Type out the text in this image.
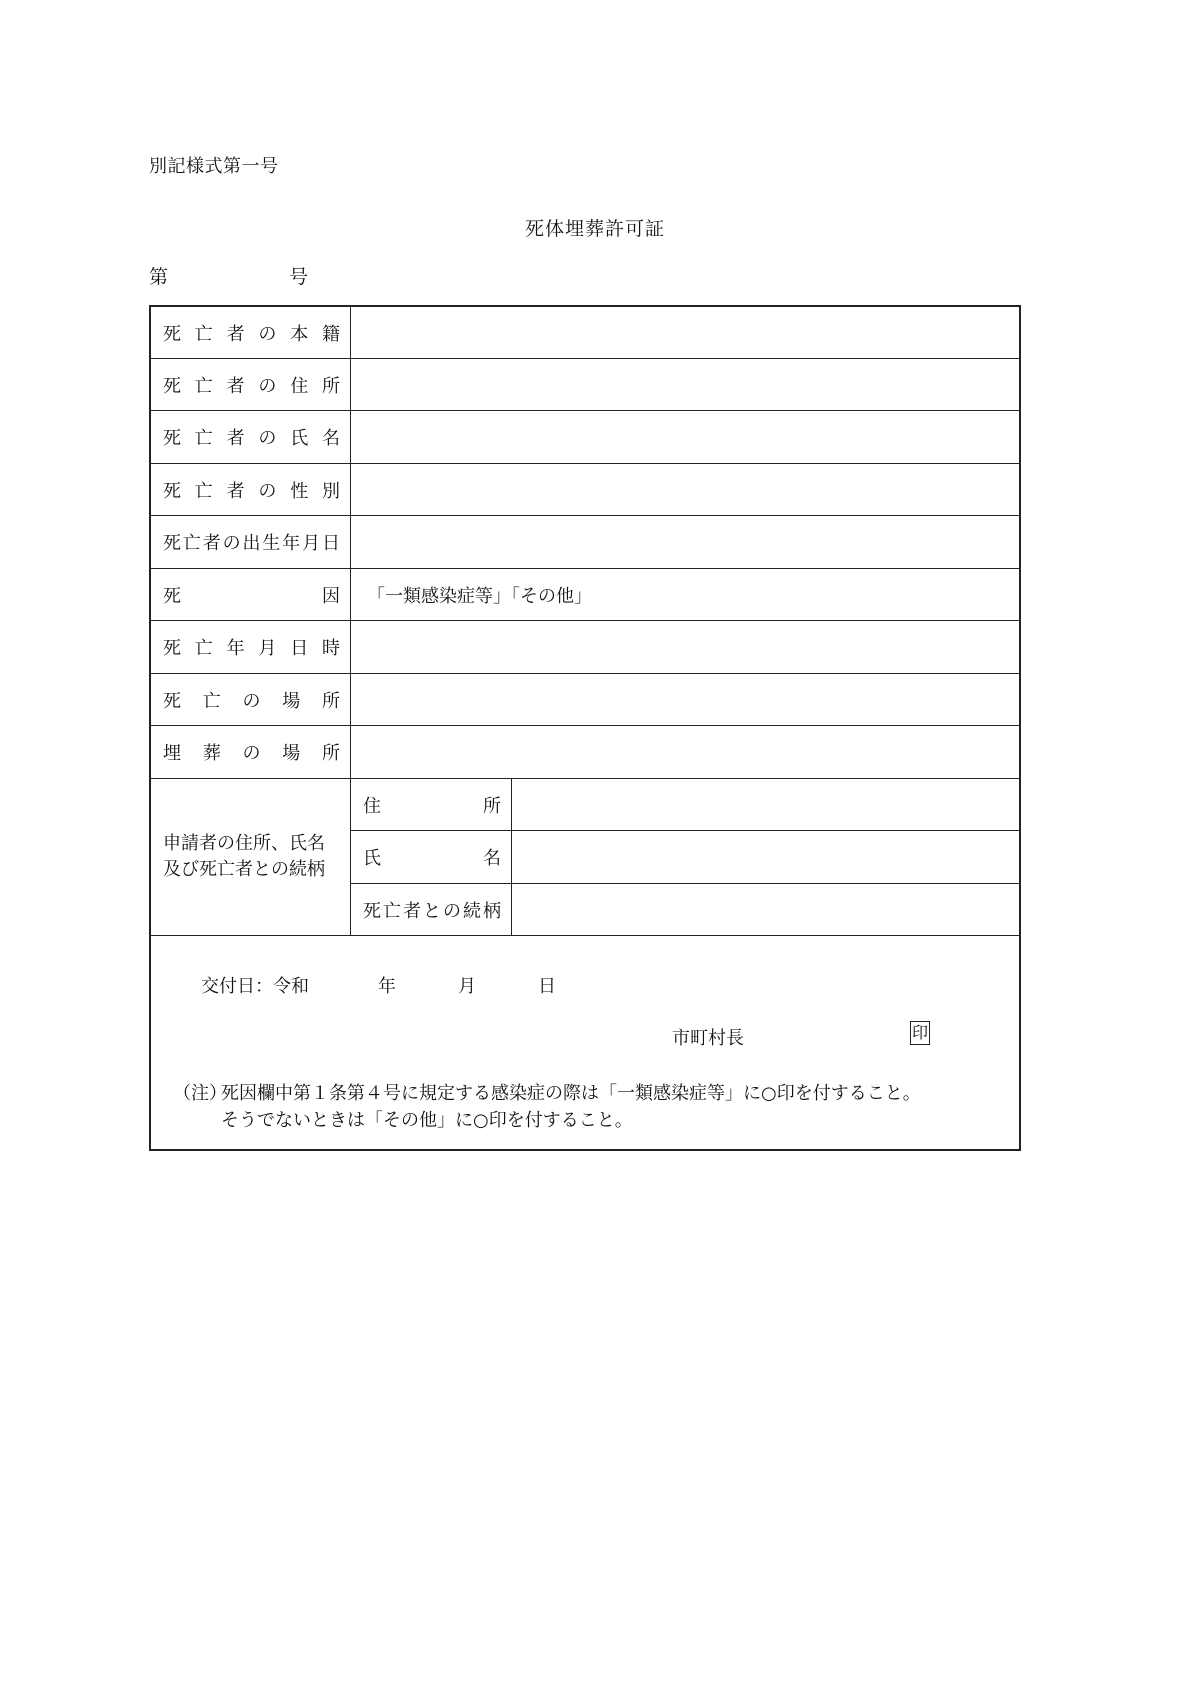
別記様式第一号
死体埋葬許可証
第	号
死亡者の本籍
死亡者の住所
死亡者の氏名
死亡者の性別
死亡者の出生年月日
死因	「一類感染症等」「その他」
死亡年月日時
死亡の場所
埋葬の場所
申請者の住所、氏名
及び死亡者との続柄
住所
氏名
死亡者との続柄
交付日：令和	年	月	日
市町村長	印
（注）死因欄中第１条第４号に規定する感染症の際は「一類感染症等」に○印を付すること。
そうでないときは「その他」に○印を付すること。
